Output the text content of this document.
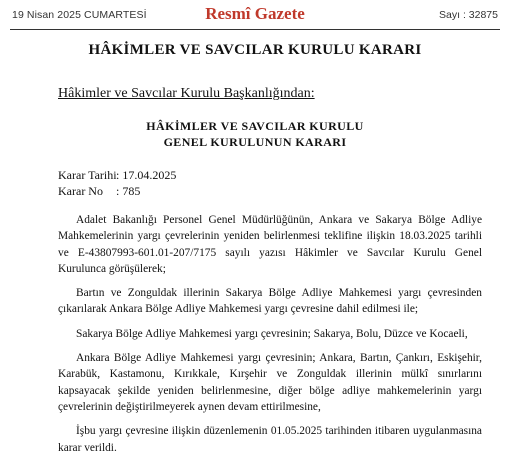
19 Nisan 2025 CUMARTESİ	Resmî Gazete	Sayı : 32875
HÂKİMLER VE SAVCILAR KURULU KARARI
Hâkimler ve Savcılar Kurulu Başkanlığından:
HÂKİMLER VE SAVCILAR KURULU
GENEL KURULUNUN KARARI
Karar Tarihi: 17.04.2025
Karar No : 785

Adalet Bakanlığı Personel Genel Müdürlüğünün, Ankara ve Sakarya Bölge Adliye Mahkemelerinin yargı çevrelerinin yeniden belirlenmesi teklifine ilişkin 18.03.2025 tarihli ve E-43807993-601.01-207/7175 sayılı yazısı Hâkimler ve Savcılar Kurulu Genel Kurulunca görüşülerek;

Bartın ve Zonguldak illerinin Sakarya Bölge Adliye Mahkemesi yargı çevresinden çıkarılarak Ankara Bölge Adliye Mahkemesi yargı çevresine dahil edilmesi ile;

Sakarya Bölge Adliye Mahkemesi yargı çevresinin; Sakarya, Bolu, Düzce ve Kocaeli,

Ankara Bölge Adliye Mahkemesi yargı çevresinin; Ankara, Bartın, Çankırı, Eskişehir, Karabük, Kastamonu, Kırıkkale, Kırşehir ve Zonguldak illerinin mülkî sınırlarını kapsayacak şekilde yeniden belirlenmesine, diğer bölge adliye mahkemelerinin yargı çevrelerinin değiştirilmeyerek aynen devam ettirilmesine,

İşbu yargı çevresine ilişkin düzenlemenin 01.05.2025 tarihinden itibaren uygulanmasına karar verildi.
